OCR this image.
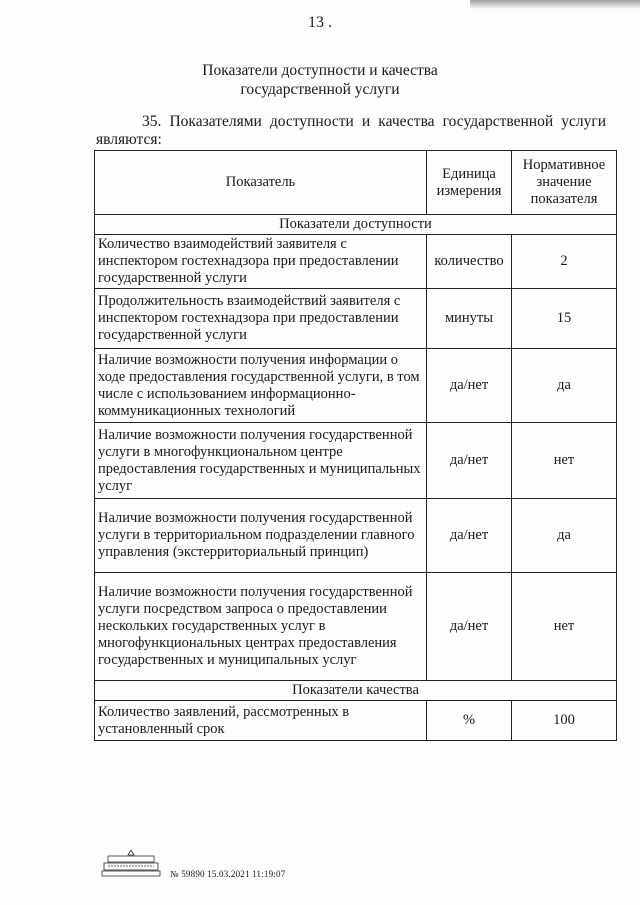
13 .
Показатели доступности и качества
государственной услуги
35. Показателями доступности и качества государственной услуги
являются:
Показатель	Единица измерения	Нормативное значение показателя
Показатели доступности		
Количество взаимодействий заявителя с инспектором гостехнадзора при предоставлении государственной услуги	количество	2
Продолжительность взаимодействий заявителя с инспектором гостехнадзора при предоставлении государственной услуги	минуты	15
Наличие возможности получения информации о ходе предоставления государственной услуги, в том числе с использованием информационно-коммуникационных технологий	да/нет	да
Наличие возможности получения государственной услуги в многофункциональном центре предоставления государственных и муниципальных услуг	да/нет	нет
Наличие возможности получения государственной услуги в территориальном подразделении главного управления (экстерриториальный принцип)	да/нет	да
Наличие возможности получения государственной услуги посредством запроса о предоставлении нескольких государственных услуг в многофункциональных центрах предоставления государственных и муниципальных услуг	да/нет	нет
Показатели качества		
Количество заявлений, рассмотренных в установленный срок	%	100
№ 59890 15.03.2021 11:19:07
